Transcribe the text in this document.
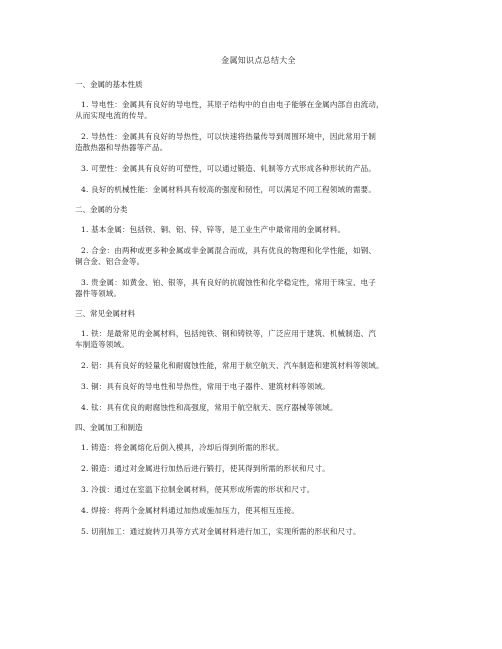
金属知识点总结大全
一、金属的基本性质
1. 导电性：金属具有良好的导电性，其原子结构中的自由电子能够在金属内部自由流动，
从而实现电流的传导。
2. 导热性：金属具有良好的导热性，可以快速将热量传导到周围环境中，因此常用于制
造散热器和导热器等产品。
3. 可塑性：金属具有良好的可塑性，可以通过锻造、轧制等方式形成各种形状的产品。
4. 良好的机械性能：金属材料具有较高的强度和韧性，可以满足不同工程领域的需要。
二、金属的分类
1. 基本金属：包括铁、铜、铝、锌、锌等，是工业生产中最常用的金属材料。
2. 合金：由两种或更多种金属或非金属混合而成，具有优良的物理和化学性能，如钢、
铜合金、铝合金等。
3. 贵金属：如黄金、铂、银等，具有良好的抗腐蚀性和化学稳定性，常用于珠宝、电子
器件等领域。
三、常见金属材料
1. 铁：是最常见的金属材料，包括纯铁、钢和铸铁等，广泛应用于建筑、机械制造、汽
车制造等领域。
2. 铝：具有良好的轻量化和耐腐蚀性能，常用于航空航天、汽车制造和建筑材料等领域。
3. 铜：具有良好的导电性和导热性，常用于电子器件、建筑材料等领域。
4. 钛：具有优良的耐腐蚀性和高强度，常用于航空航天、医疗器械等领域。
四、金属加工和制造
1. 铸造：将金属熔化后倒入模具，冷却后得到所需的形状。
2. 锻造：通过对金属进行加热后进行锻打，使其得到所需的形状和尺寸。
3. 冷拔：通过在室温下拉制金属材料，使其形成所需的形状和尺寸。
4. 焊接：将两个金属材料通过加热或施加压力，使其相互连接。
5. 切削加工：通过旋转刀具等方式对金属材料进行加工，实现所需的形状和尺寸。
